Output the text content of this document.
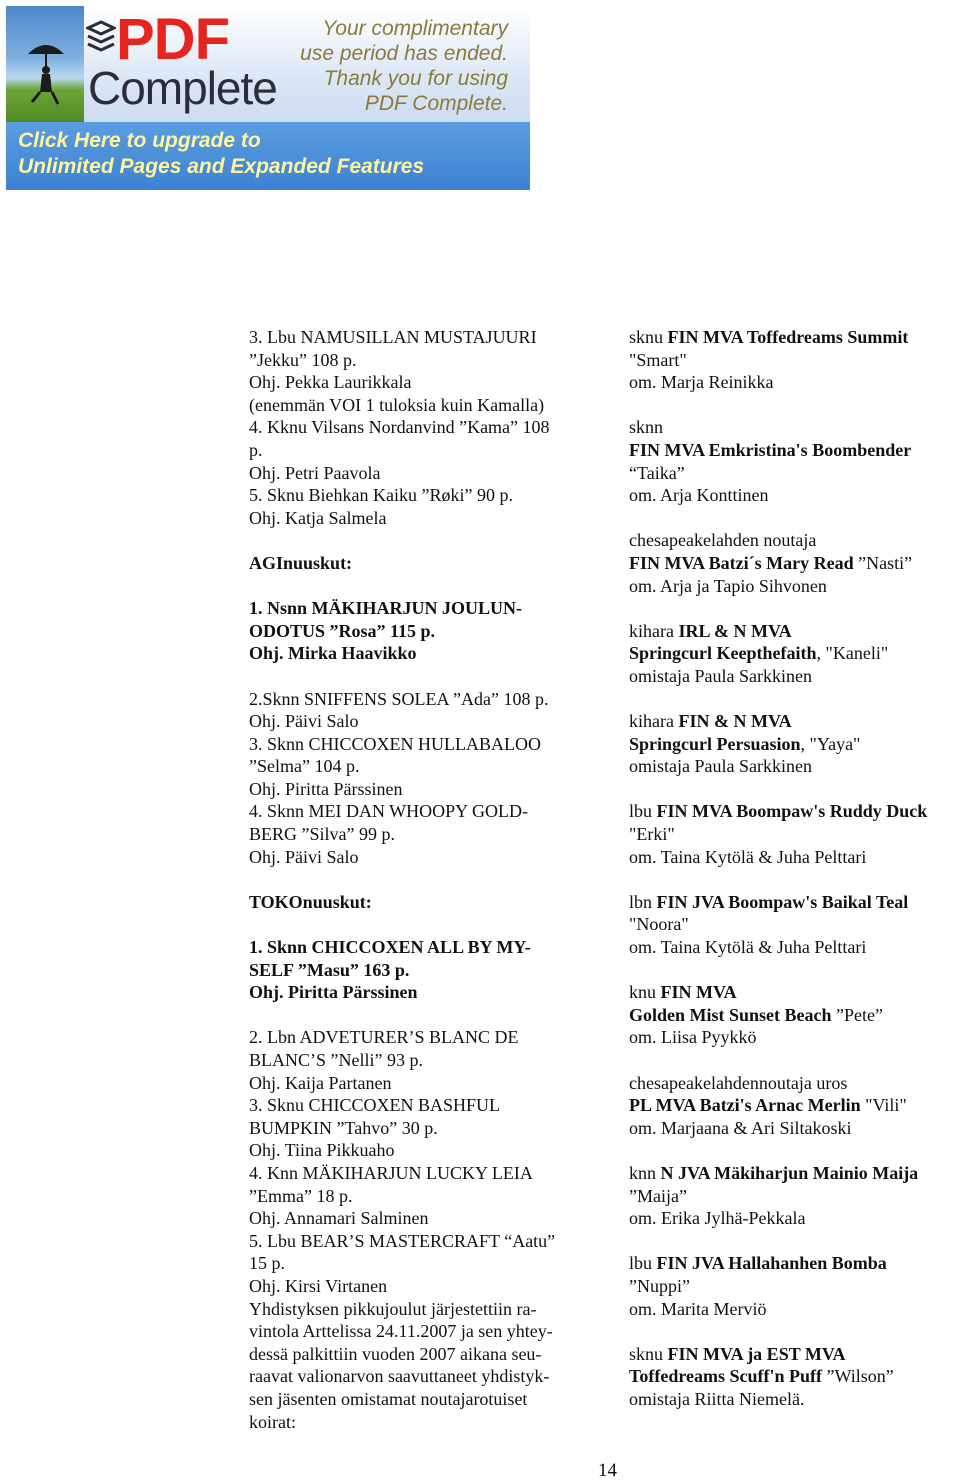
PDF
Complete
Your complimentary
use period has ended.
Thank you for using
PDF Complete.
Click Here to upgrade to
Unlimited Pages and Expanded Features
3. Lbu NAMUSILLAN MUSTAJUURI
”Jekku” 108 p.
Ohj. Pekka Laurikkala
(enemmän VOI 1 tuloksia kuin Kamalla)
4. Kknu Vilsans Nordanvind ”Kama” 108
p.
Ohj. Petri Paavola
5. Sknu Biehkan Kaiku ”Røki” 90 p.
Ohj. Katja Salmela
AGInuuskut:
1. Nsnn MÄKIHARJUN JOULUN-
ODOTUS ”Rosa” 115 p.
Ohj. Mirka Haavikko
2.Sknn SNIFFENS SOLEA ”Ada” 108 p.
Ohj. Päivi Salo
3. Sknn CHICCOXEN HULLABALOO
”Selma” 104 p.
Ohj. Piritta Pärssinen
4. Sknn MEI DAN WHOOPY GOLD-
BERG ”Silva” 99 p.
Ohj. Päivi Salo
TOKOnuuskut:
1. Sknn CHICCOXEN ALL BY MY-
SELF ”Masu” 163 p.
Ohj. Piritta Pärssinen
2. Lbn ADVETURER’S BLANC DE
BLANC’S ”Nelli” 93 p.
Ohj. Kaija Partanen
3. Sknu CHICCOXEN BASHFUL
BUMPKIN ”Tahvo” 30 p.
Ohj. Tiina Pikkuaho
4. Knn MÄKIHARJUN LUCKY LEIA
”Emma” 18 p.
Ohj. Annamari Salminen
5. Lbu BEAR’S MASTERCRAFT “Aatu”
15 p.
Ohj. Kirsi Virtanen
Yhdistyksen pikkujoulut järjestettiin ra-
vintola Arttelissa 24.11.2007 ja sen yhtey-
dessä palkittiin vuoden 2007 aikana seu-
raavat valionarvon saavuttaneet yhdistyk-
sen jäsenten omistamat noutajarotuiset
koirat:
sknu FIN MVA Toffedreams Summit
"Smart"
om. Marja Reinikka
sknn
FIN MVA Emkristina's Boombender
“Taika”
om. Arja Konttinen
chesapeakelahden noutaja
FIN MVA Batzi´s Mary Read ”Nasti”
om. Arja ja Tapio Sihvonen
kihara IRL & N MVA
Springcurl Keepthefaith, "Kaneli"
omistaja Paula Sarkkinen
kihara FIN & N MVA
Springcurl Persuasion, "Yaya"
omistaja Paula Sarkkinen
lbu FIN MVA Boompaw's Ruddy Duck
"Erki"
om. Taina Kytölä & Juha Pelttari
lbn FIN JVA Boompaw's Baikal Teal
"Noora"
om. Taina Kytölä & Juha Pelttari
knu FIN MVA
Golden Mist Sunset Beach ”Pete”
om. Liisa Pyykkö
chesapeakelahdennoutaja uros
PL MVA Batzi's Arnac Merlin "Vili"
om. Marjaana & Ari Siltakoski
knn N JVA Mäkiharjun Mainio Maija
”Maija”
om. Erika Jylhä-Pekkala
lbu FIN JVA Hallahanhen Bomba
”Nuppi”
om. Marita Merviö
sknu FIN MVA ja EST MVA
Toffedreams Scuff'n Puff ”Wilson”
omistaja Riitta Niemelä.
14
